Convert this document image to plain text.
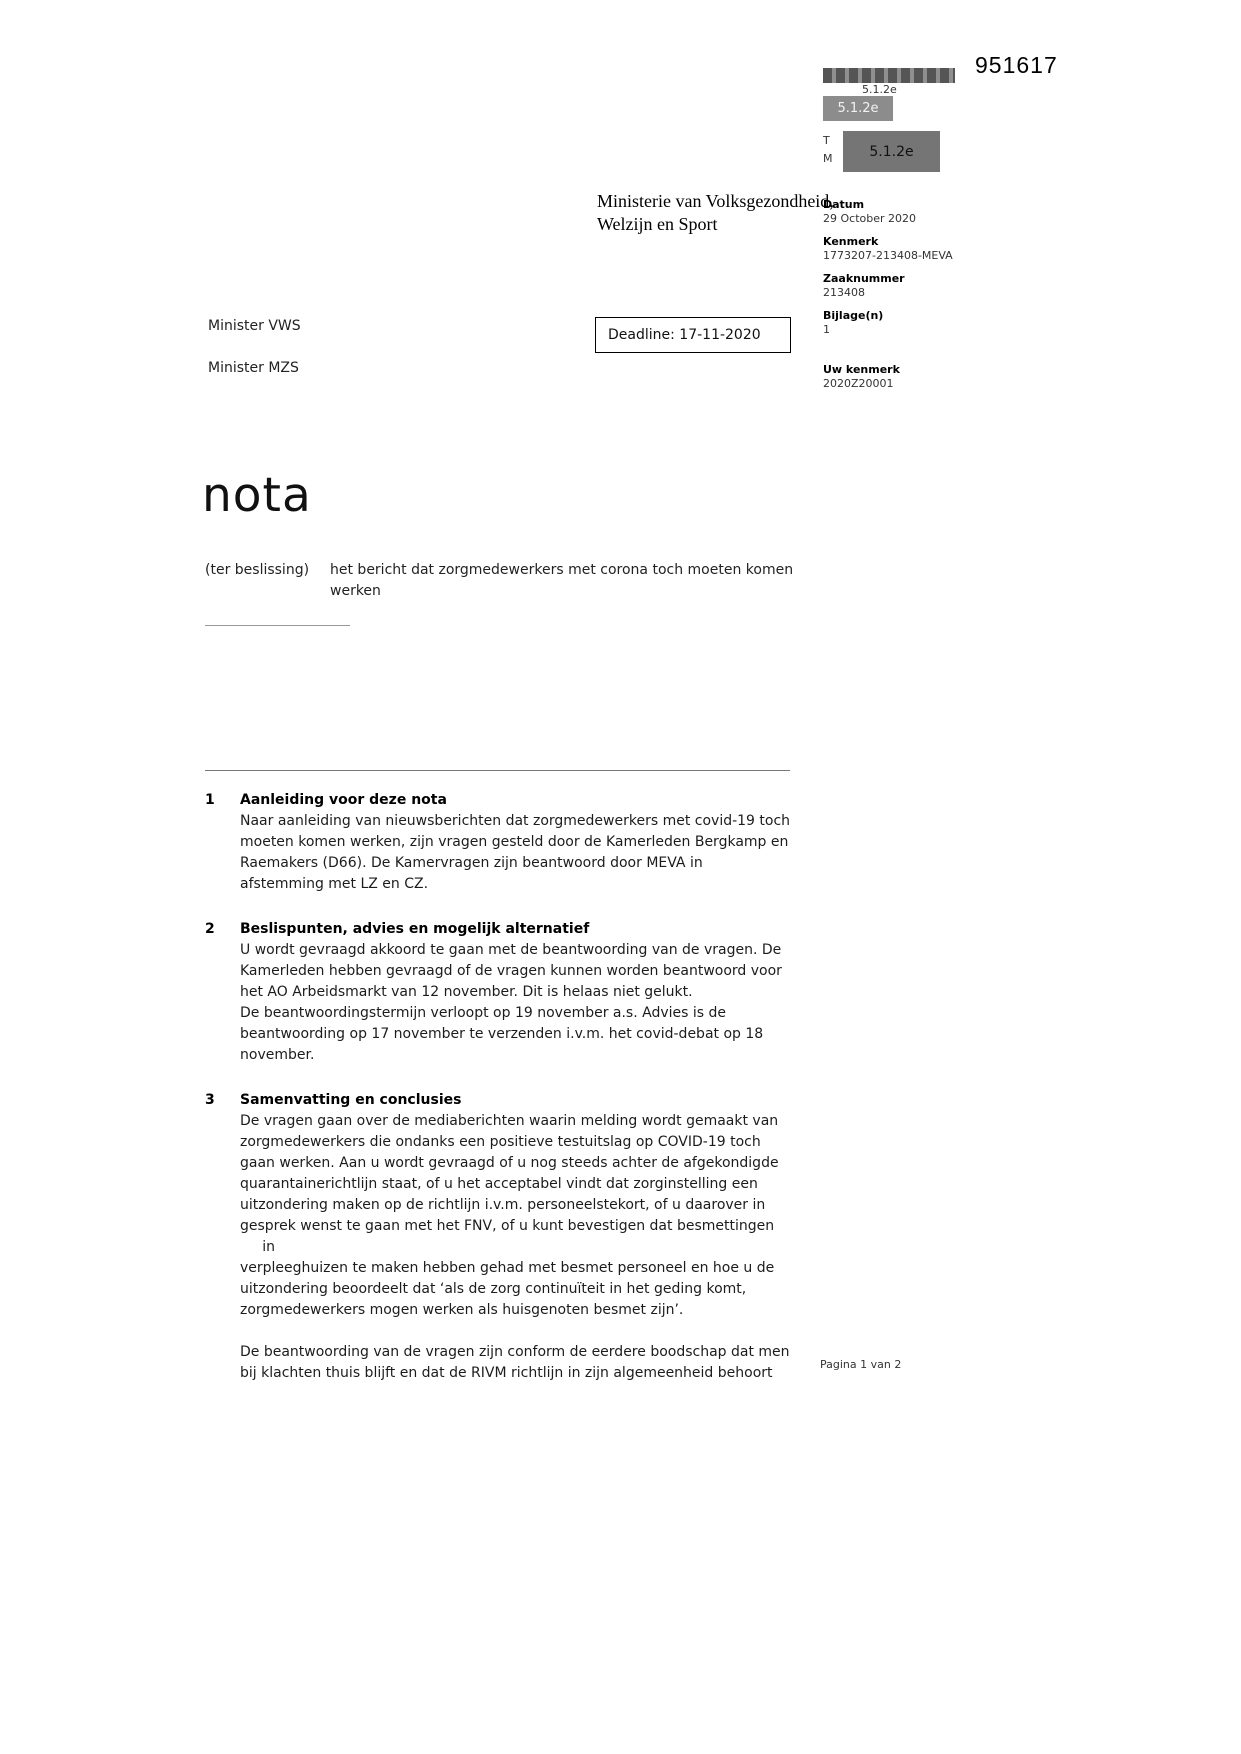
951617
5.1.2e
5.1.2e
T
M	5.1.2e
Ministerie van Volksgezondheid,
Welzijn en Sport
Datum
29 October 2020
Kenmerk
1773207-213408-MEVA
Zaaknummer
213408
Bijlage(n)
1
Uw kenmerk
2020Z20001
Minister VWS
Minister MZS
Deadline: 17-11-2020
nota
(ter beslissing)	het bericht dat zorgmedewerkers met corona toch moeten komen werken
1	Aanleiding voor deze nota
Naar aanleiding van nieuwsberichten dat zorgmedewerkers met covid-19 toch
moeten komen werken, zijn vragen gesteld door de Kamerleden Bergkamp en
Raemakers (D66). De Kamervragen zijn beantwoord door MEVA in
afstemming met LZ en CZ.
2	Beslispunten, advies en mogelijk alternatief
U wordt gevraagd akkoord te gaan met de beantwoording van de vragen. De
Kamerleden hebben gevraagd of de vragen kunnen worden beantwoord voor
het AO Arbeidsmarkt van 12 november. Dit is helaas niet gelukt.
De beantwoordingstermijn verloopt op 19 november a.s. Advies is de
beantwoording op 17 november te verzenden i.v.m. het covid-debat op 18
november.
3	Samenvatting en conclusies
De vragen gaan over de mediaberichten waarin melding wordt gemaakt van
zorgmedewerkers die ondanks een positieve testuitslag op COVID-19 toch
gaan werken. Aan u wordt gevraagd of u nog steeds achter de afgekondigde
quarantainerichtlijn staat, of u het acceptabel vindt dat zorginstelling een
uitzondering maken op de richtlijn i.v.m. personeelstekort, of u daarover in
gesprek wenst te gaan met het FNV, of u kunt bevestigen dat besmettingen
in
verpleeghuizen te maken hebben gehad met besmet personeel en hoe u de
uitzondering beoordeelt dat ‘als de zorg continuïteit in het geding komt,
zorgmedewerkers mogen werken als huisgenoten besmet zijn’.
De beantwoording van de vragen zijn conform de eerdere boodschap dat men
bij klachten thuis blijft en dat de RIVM richtlijn in zijn algemeenheid behoort
Pagina 1 van 2
